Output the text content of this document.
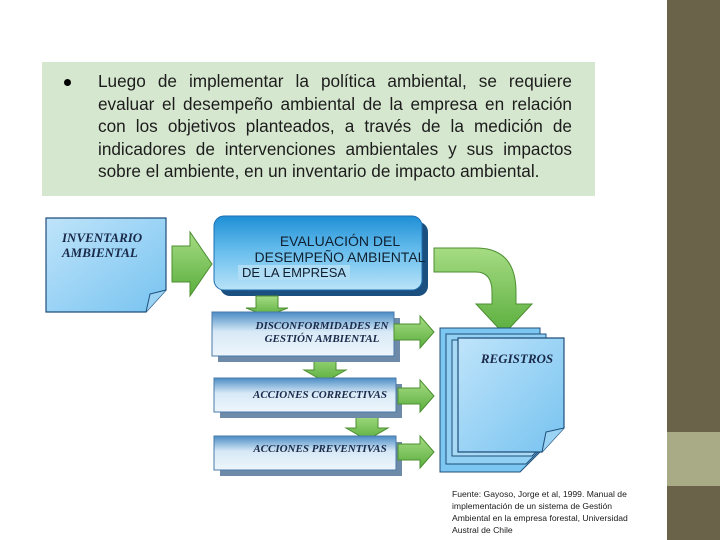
Luego de implementar la política ambiental, se requiere evaluar el desempeño ambiental de la empresa en relación con los objetivos planteados, a través de la medición de indicadores de intervenciones ambientales y sus impactos sobre el ambiente, en un inventario de impacto ambiental.
INVENTARIO
AMBIENTAL
EVALUACIÓN DEL
DESEMPEÑO AMBIENTAL
DE LA EMPRESA
DISCONFORMIDADES EN
GESTIÓN AMBIENTAL
ACCIONES CORRECTIVAS
ACCIONES PREVENTIVAS
REGISTROS
Fuente: Gayoso, Jorge et al, 1999. Manual de
implementación de un sistema de Gestión
Ambiental en la empresa forestal, Universidad
Austral de Chile
